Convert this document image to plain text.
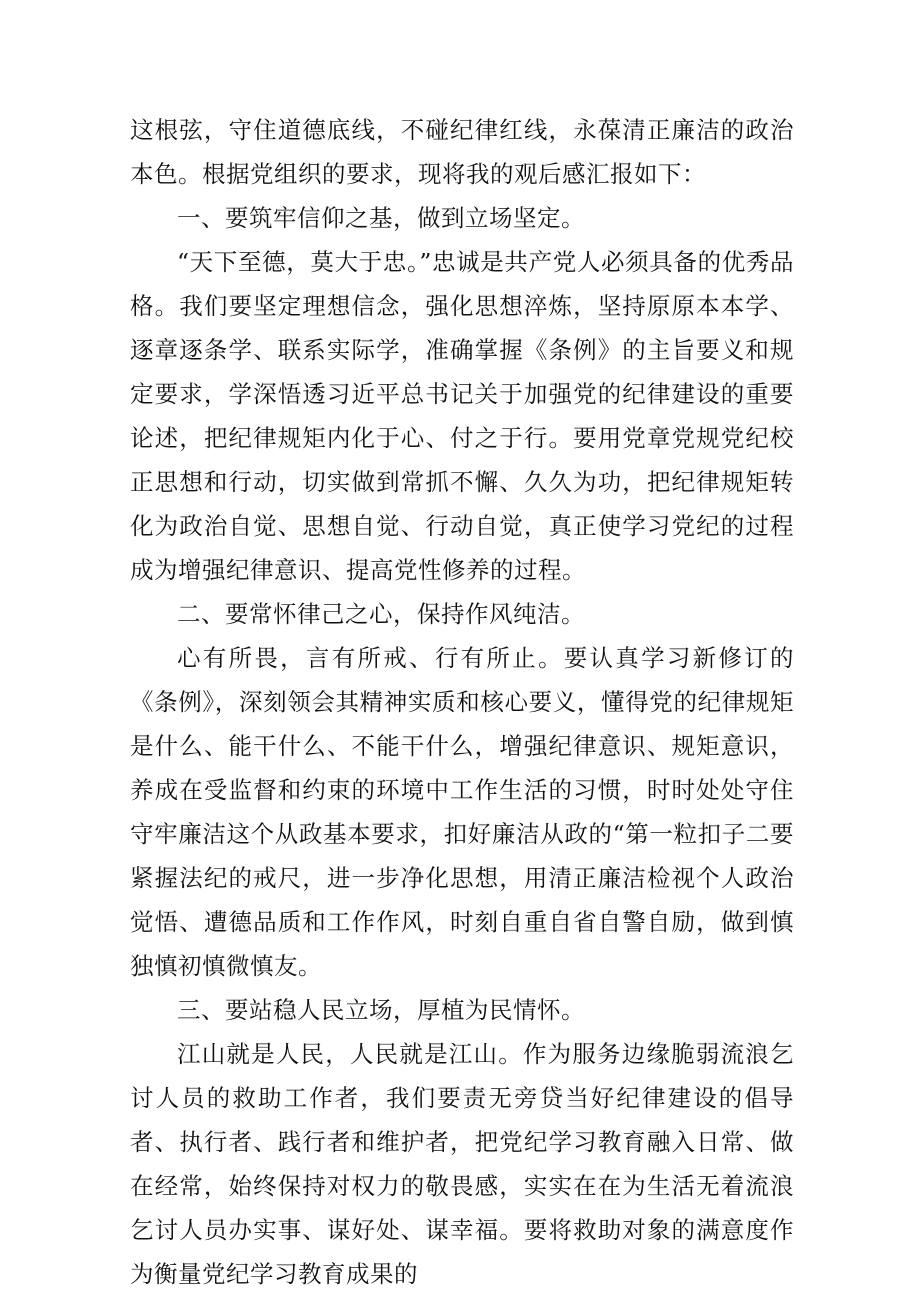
这根弦，守住道德底线，不碰纪律红线，永葆清正廉洁的政治本色。根据党组织的要求，现将我的观后感汇报如下：

一、要筑牢信仰之基，做到立场坚定。

“天下至德，莫大于忠。”忠诚是共产党人必须具备的优秀品格。我们要坚定理想信念，强化思想淬炼，坚持原原本本学、逐章逐条学、联系实际学，准确掌握《条例》的主旨要义和规定要求，学深悟透习近平总书记关于加强党的纪律建设的重要论述，把纪律规矩内化于心、付之于行。要用党章党规党纪校正思想和行动，切实做到常抓不懈、久久为功，把纪律规矩转化为政治自觉、思想自觉、行动自觉，真正使学习党纪的过程成为增强纪律意识、提高党性修养的过程。

二、要常怀律己之心，保持作风纯洁。

心有所畏，言有所戒、行有所止。要认真学习新修订的《条例》，深刻领会其精神实质和核心要义，懂得党的纪律规矩是什么、能干什么、不能干什么，增强纪律意识、规矩意识，养成在受监督和约束的环境中工作生活的习惯，时时处处守住守牢廉洁这个从政基本要求，扣好廉洁从政的“第一粒扣子二要紧握法纪的戒尺，进一步净化思想，用清正廉洁检视个人政治觉悟、遭德品质和工作作风，时刻自重自省自警自励，做到慎独慎初慎微慎友。

三、要站稳人民立场，厚植为民情怀。

江山就是人民，人民就是江山。作为服务边缘脆弱流浪乞讨人员的救助工作者，我们要责无旁贷当好纪律建设的倡导者、执行者、践行者和维护者，把党纪学习教育融入日常、做在经常，始终保持对权力的敬畏感，实实在在为生活无着流浪乞讨人员办实事、谋好处、谋幸福。要将救助对象的满意度作为衡量党纪学习教育成果的
